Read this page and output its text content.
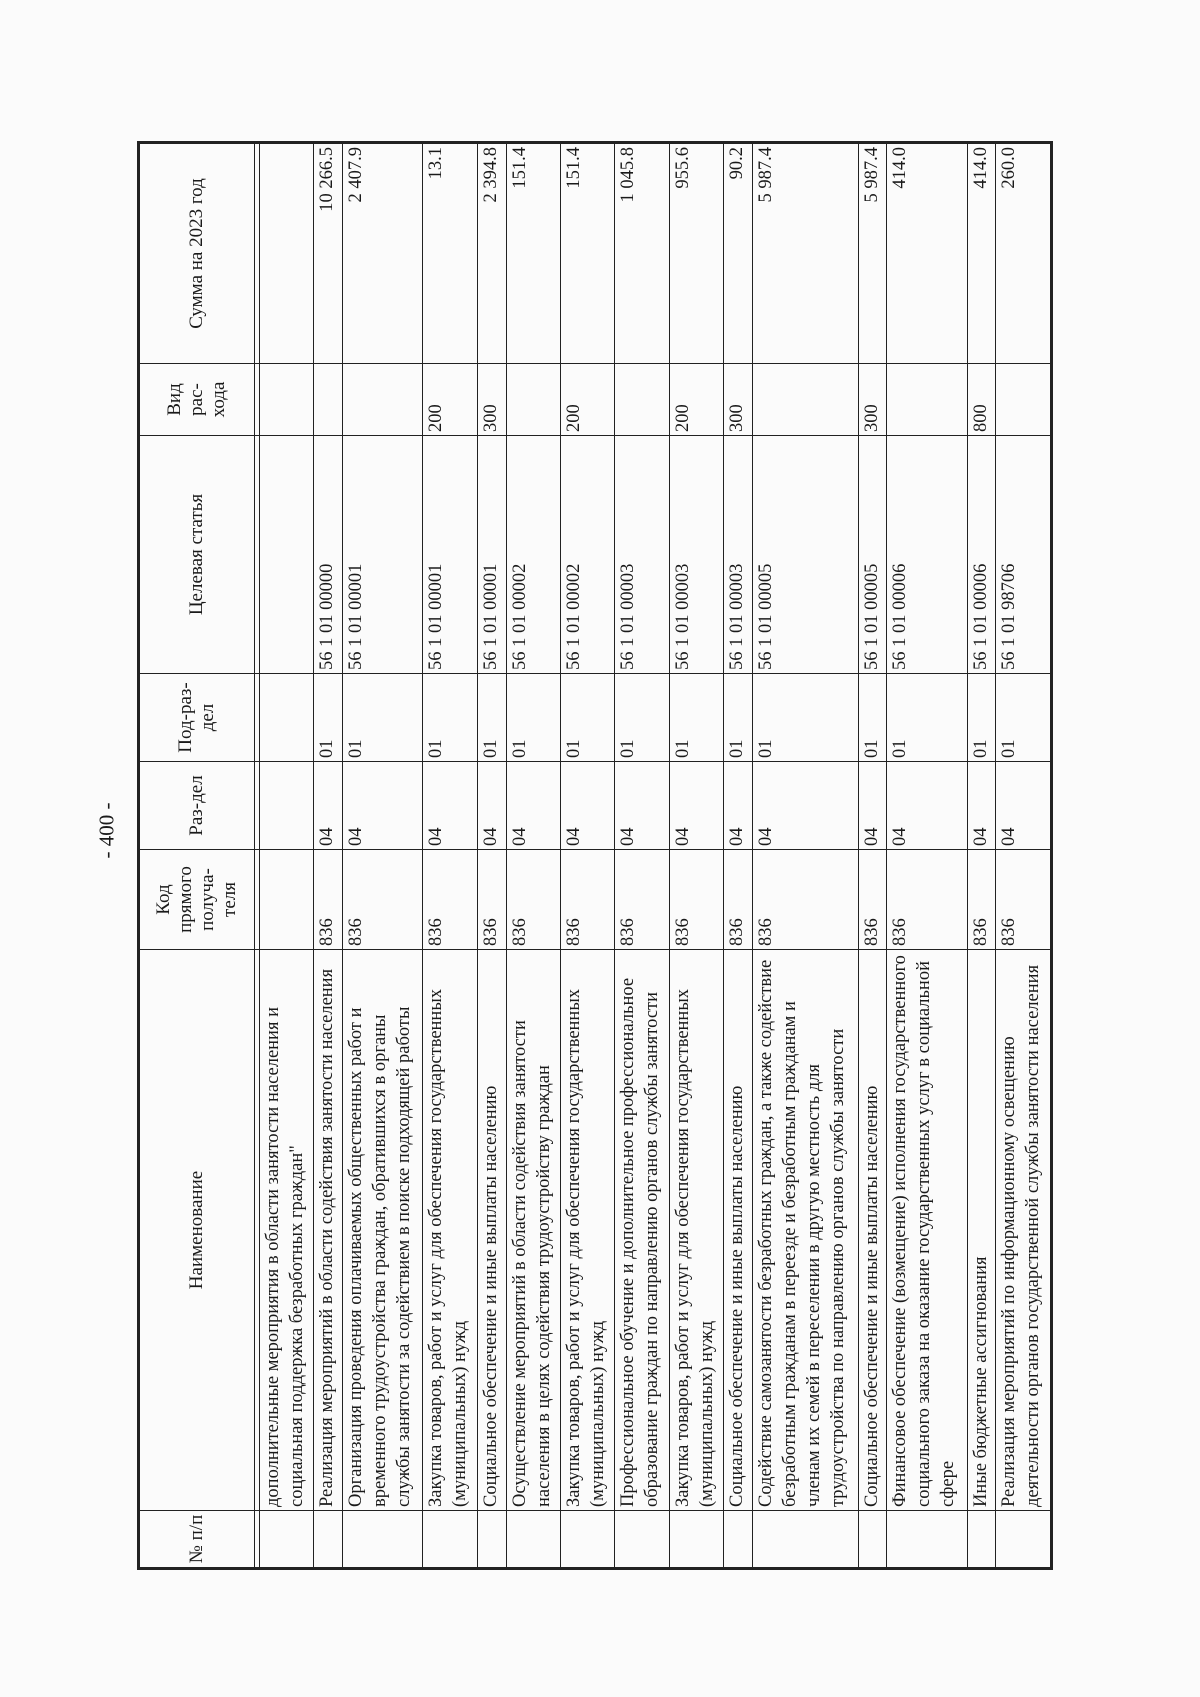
- 400 -
№ п/п	Наименование	Код прямого получа-теля	Раз-дел	Под-раз-дел	Целевая статья	Вид рас-хода	Сумма на 2023 год

	дополнительные мероприятия в области занятости населения и социальная поддержка безработных граждан"						
	Реализация мероприятий в области содействия занятости населения	836	04	01	56 1 01 00000		10 266.5
	Организация проведения оплачиваемых общественных работ и временного трудоустройства граждан, обратившихся в органы службы занятости за содействием в поиске подходящей работы	836	04	01	56 1 01 00001		2 407.9
	Закупка товаров, работ и услуг для обеспечения государственных (муниципальных) нужд	836	04	01	56 1 01 00001	200	13.1
	Социальное обеспечение и иные выплаты населению	836	04	01	56 1 01 00001	300	2 394.8
	Осуществление мероприятий в области содействия занятости населения в целях содействия трудоустройству граждан	836	04	01	56 1 01 00002		151.4
	Закупка товаров, работ и услуг для обеспечения государственных (муниципальных) нужд	836	04	01	56 1 01 00002	200	151.4
	Профессиональное обучение и дополнительное профессиональное образование граждан по направлению органов службы занятости	836	04	01	56 1 01 00003		1 045.8
	Закупка товаров, работ и услуг для обеспечения государственных (муниципальных) нужд	836	04	01	56 1 01 00003	200	955.6
	Социальное обеспечение и иные выплаты населению	836	04	01	56 1 01 00003	300	90.2
	Содействие самозанятости безработных граждан, а также содействие безработным гражданам в переезде и безработным гражданам и членам их семей в переселении в другую местность для трудоустройства по направлению органов службы занятости	836	04	01	56 1 01 00005		5 987.4
	Социальное обеспечение и иные выплаты населению	836	04	01	56 1 01 00005	300	5 987.4
	Финансовое обеспечение (возмещение) исполнения государственного социального заказа на оказание государственных услуг в социальной сфере	836	04	01	56 1 01 00006		414.0
	Иные бюджетные ассигнования	836	04	01	56 1 01 00006	800	414.0
	Реализация мероприятий по информационному освещению деятельности органов государственной службы занятости населения	836	04	01	56 1 01 98706		260.0
